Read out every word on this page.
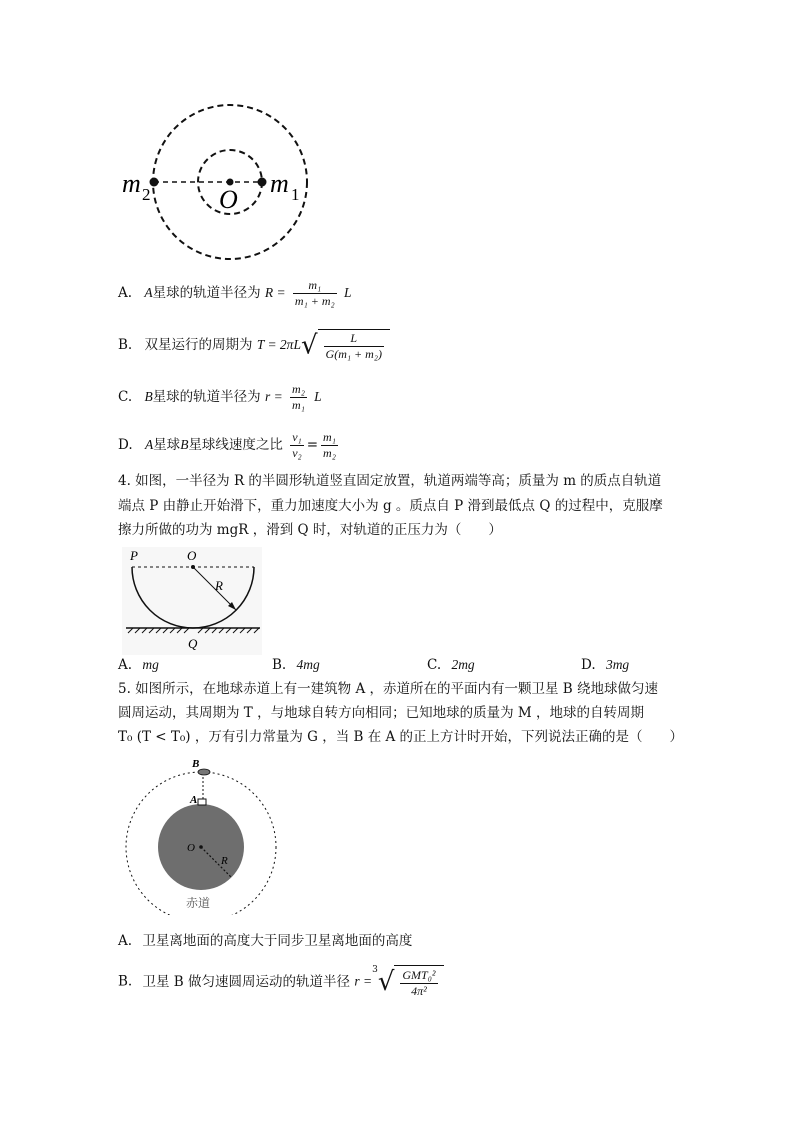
m 2	O
m 1
A. A星球的轨道半径为 $R = \frac{\text{m₁}}{\text{m₁ + m₂}}$ L
B. 双星运行的周期为 $T = 2\pi L√ \frac{L}{\text{G(m₁ + m₂)}}$
C. B星球的轨道半径为 $r = \frac{\text{m₂}}{\text{m₁}}$ L
D. A星球B星球线速度之比 $\frac{\text{v₁}}{\text{v₂}} = \frac{\text{m₁}}{\text{m₂}}$
4. 如图，一半径为 R 的半圆形轨道竖直固定放置，轨道两端等高；质量为 m 的质点自轨道
端点 P 由静止开始滑下，重力加速度大小为 g 。质点自 P 滑到最低点 Q 的过程中，克服摩
擦力所做的功为 mgR ，滑到 Q 时，对轨道的正压力为（　　）
P	O
R
Q
A. mg	B. 4mg	C. 2mg	D. 3mg
5. 如图所示，在地球赤道上有一建筑物 A ，赤道所在的平面内有一颗卫星 B 绕地球做匀速
圆周运动，其周期为 T ，与地球自转方向相同；已知地球的质量为 M ，地球的自转周期
T₀ (T < T₀) ，万有引力常量为 G ，当 B 在 A 的正上方计时开始，下列说法正确的是（　　）
B
A
O
R
赤道
A. 卫星离地面的高度大于同步卫星离地面的高度
B. 卫星 B 做匀速圆周运动的轨道半径 $r =^3√ \frac{\text{GMT₀²}}{\text{4π²}}$
